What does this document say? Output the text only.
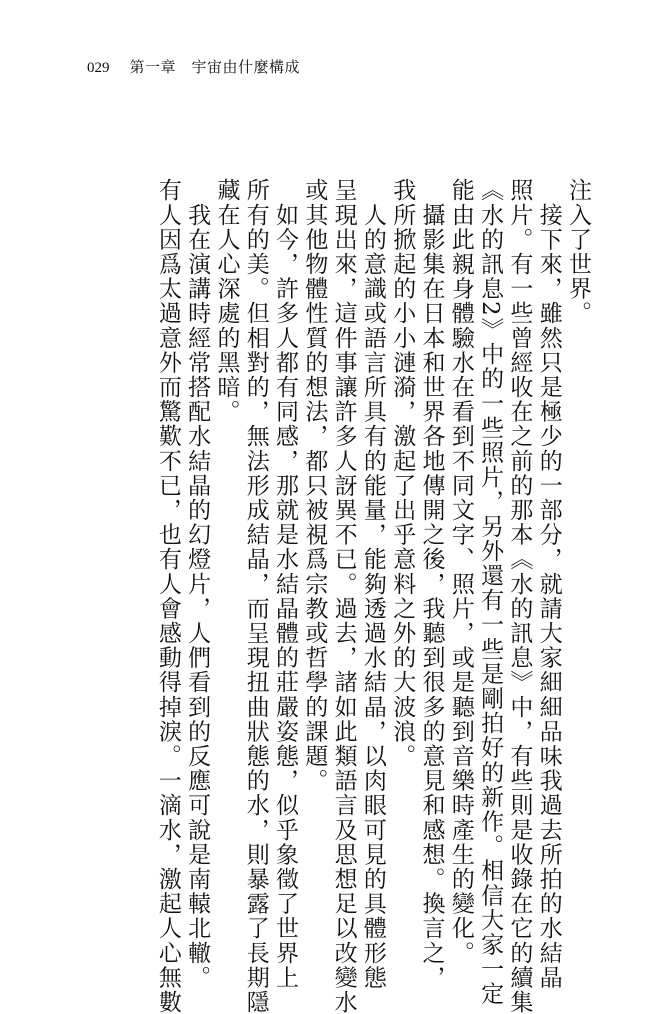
029 第一章　宇宙由什麼構成
注入了世界。
　接下來，雖然只是極少的一部分，就請大家細細品味我過去所拍的水結晶
照片。有一些曾經收在之前的那本《水的訊息》中，有些則是收錄在它的續集
《水的訊息2》中的一些照片，另外還有一些是剛拍好的新作。相信大家一定
能由此親身體驗水在看到不同文字、照片，或是聽到音樂時產生的變化。
　攝影集在日本和世界各地傳開之後，我聽到很多的意見和感想。換言之，
我所掀起的小小漣漪，激起了出乎意料之外的大波浪。
　人的意識或語言所具有的能量，能夠透過水結晶，以肉眼可見的具體形態
呈現出來，這件事讓許多人訝異不已。過去，諸如此類語言及思想足以改變水
或其他物體性質的想法，都只被視爲宗教或哲學的課題。
　如今，許多人都有同感，那就是水結晶體的莊嚴姿態，似乎象徵了世界上
所有的美。但相對的，無法形成結晶，而呈現扭曲狀態的水，則暴露了長期隱
藏在人心深處的黑暗。
　我在演講時經常搭配水結晶的幻燈片，人們看到的反應可說是南轅北轍。
有人因爲太過意外而驚歎不已，也有人會感動得掉淚。一滴水，激起人心無數
